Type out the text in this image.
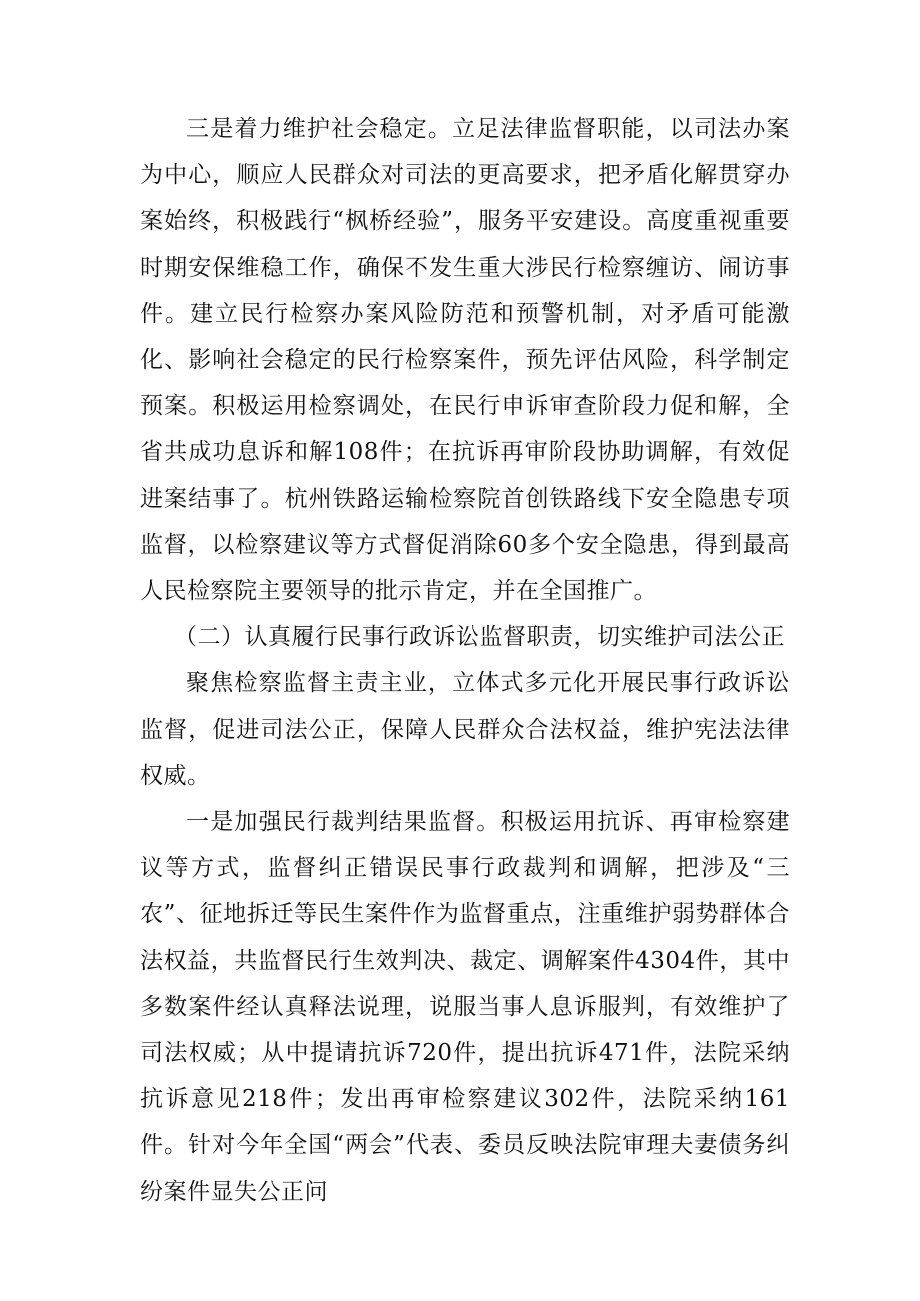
三是着力维护社会稳定。立足法律监督职能，以司法办案为中心，顺应人民群众对司法的更高要求，把矛盾化解贯穿办案始终，积极践行“枫桥经验”，服务平安建设。高度重视重要时期安保维稳工作，确保不发生重大涉民行检察缠访、闹访事件。建立民行检察办案风险防范和预警机制，对矛盾可能激化、影响社会稳定的民行检察案件，预先评估风险，科学制定预案。积极运用检察调处，在民行申诉审查阶段力促和解，全省共成功息诉和解108件；在抗诉再审阶段协助调解，有效促进案结事了。杭州铁路运输检察院首创铁路线下安全隐患专项监督，以检察建议等方式督促消除60多个安全隐患，得到最高人民检察院主要领导的批示肯定，并在全国推广。

（二）认真履行民事行政诉讼监督职责，切实维护司法公正

聚焦检察监督主责主业，立体式多元化开展民事行政诉讼监督，促进司法公正，保障人民群众合法权益，维护宪法法律权威。

一是加强民行裁判结果监督。积极运用抗诉、再审检察建议等方式，监督纠正错误民事行政裁判和调解，把涉及“三农”、征地拆迁等民生案件作为监督重点，注重维护弱势群体合法权益，共监督民行生效判决、裁定、调解案件4304件，其中多数案件经认真释法说理，说服当事人息诉服判，有效维护了司法权威；从中提请抗诉720件，提出抗诉471件，法院采纳抗诉意见218件；发出再审检察建议302件，法院采纳161件。针对今年全国“两会”代表、委员反映法院审理夫妻债务纠纷案件显失公正问
